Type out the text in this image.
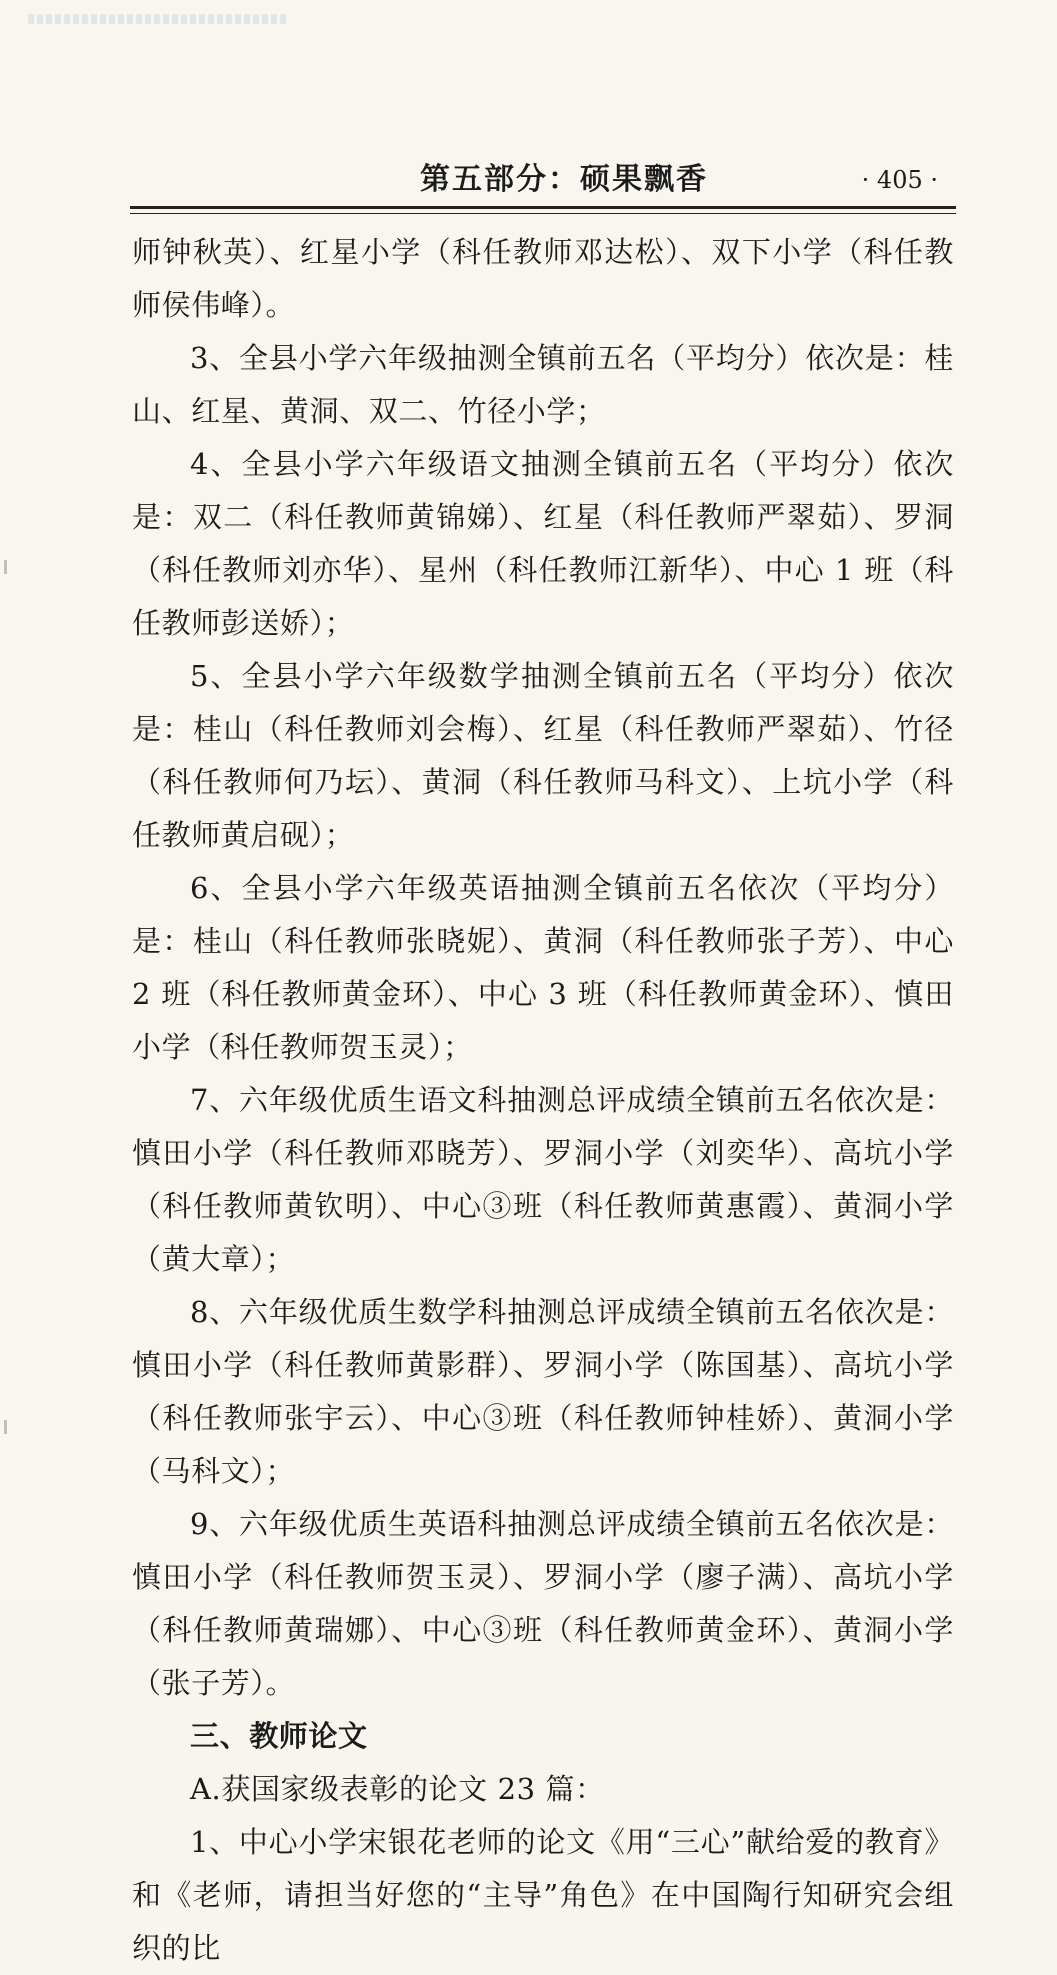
第五部分：硕果飘香	· 405 ·

师钟秋英）、红星小学（科任教师邓达松）、双下小学（科任教师侯伟峰）。

3、全县小学六年级抽测全镇前五名（平均分）依次是：桂山、红星、黄洞、双二、竹径小学；

4、全县小学六年级语文抽测全镇前五名（平均分）依次是：双二（科任教师黄锦娣）、红星（科任教师严翠茹）、罗洞（科任教师刘亦华）、星州（科任教师江新华）、中心 1 班（科任教师彭送娇）；

5、全县小学六年级数学抽测全镇前五名（平均分）依次是：桂山（科任教师刘会梅）、红星（科任教师严翠茹）、竹径（科任教师何乃坛）、黄洞（科任教师马科文）、上坑小学（科任教师黄启砚）；

6、全县小学六年级英语抽测全镇前五名依次（平均分）是：桂山（科任教师张晓妮）、黄洞（科任教师张子芳）、中心 2 班（科任教师黄金环）、中心 3 班（科任教师黄金环）、慎田小学（科任教师贺玉灵）；

7、六年级优质生语文科抽测总评成绩全镇前五名依次是：慎田小学（科任教师邓晓芳）、罗洞小学（刘奕华）、高坑小学（科任教师黄钦明）、中心③班（科任教师黄惠霞）、黄洞小学（黄大章）；

8、六年级优质生数学科抽测总评成绩全镇前五名依次是：慎田小学（科任教师黄影群）、罗洞小学（陈国基）、高坑小学（科任教师张宇云）、中心③班（科任教师钟桂娇）、黄洞小学（马科文）；

9、六年级优质生英语科抽测总评成绩全镇前五名依次是：慎田小学（科任教师贺玉灵）、罗洞小学（廖子满）、高坑小学（科任教师黄瑞娜）、中心③班（科任教师黄金环）、黄洞小学（张子芳）。

三、教师论文

A.获国家级表彰的论文 23 篇：

1、中心小学宋银花老师的论文《用“三心”献给爱的教育》和《老师，请担当好您的“主导”角色》在中国陶行知研究会组织的比
